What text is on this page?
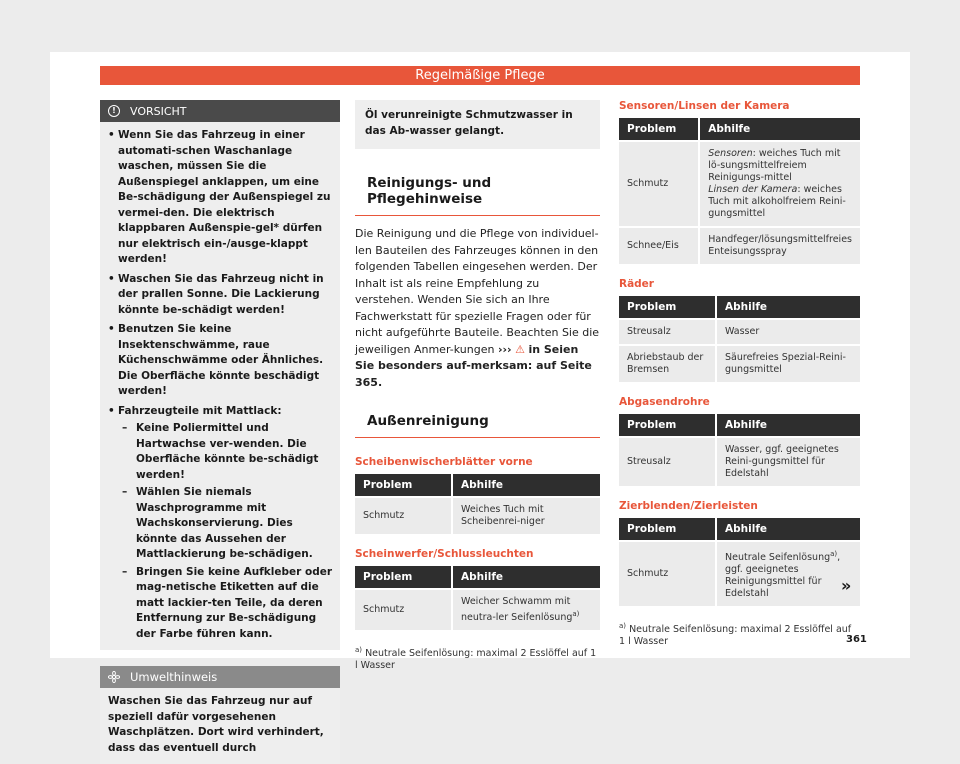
Regelmäßige Pflege
!	VORSICHT
• Wenn Sie das Fahrzeug in einer automati-schen Waschanlage waschen, müssen Sie die Außenspiegel anklappen, um eine Be-schädigung der Außenspiegel zu vermei-den. Die elektrisch klappbaren Außenspie-gel* dürfen nur elektrisch ein-/ausge-klappt werden!
• Waschen Sie das Fahrzeug nicht in der prallen Sonne. Die Lackierung könnte be-schädigt werden!
• Benutzen Sie keine Insektenschwämme, raue Küchenschwämme oder Ähnliches. Die Oberfläche könnte beschädigt werden!
• Fahrzeugteile mit Mattlack:
– Keine Poliermittel und Hartwachse ver-wenden. Die Oberfläche könnte be-schädigt werden!
– Wählen Sie niemals Waschprogramme mit Wachskonservierung. Dies könnte das Aussehen der Mattlackierung be-schädigen.
– Bringen Sie keine Aufkleber oder mag-netische Etiketten auf die matt lackier-ten Teile, da deren Entfernung zur Be-schädigung der Farbe führen kann.
Umwelthinweis
Waschen Sie das Fahrzeug nur auf speziell dafür vorgesehenen Waschplätzen. Dort wird verhindert, dass das eventuell durch
Öl verunreinigte Schmutzwasser in das Ab-wasser gelangt.
Reinigungs- und Pflegehinweise
Die Reinigung und die Pflege von individuel-len Bauteilen des Fahrzeuges können in den folgenden Tabellen eingesehen werden. Der Inhalt ist als reine Empfehlung zu verstehen. Wenden Sie sich an Ihre Fachwerkstatt für spezielle Fragen oder für nicht aufgeführte Bauteile. Beachten Sie die jeweiligen Anmer-kungen ››› ⚠ in Seien Sie besonders auf-merksam: auf Seite 365.
Außenreinigung
Scheibenwischerblätter vorne
Problem	Abhilfe
Schmutz	Weiches Tuch mit Scheibenrei-niger
Scheinwerfer/Schlussleuchten
Problem	Abhilfe
Schmutz	Weicher Schwamm mit neutra-ler Seifenlösung$^{a)}$
$^{a)}$ Neutrale Seifenlösung: maximal 2 Esslöffel auf 1 l Wasser
Sensoren/Linsen der Kamera
Problem	Abhilfe
Schmutz	Sensoren: weiches Tuch mit lö-sungsmittelfreiem Reinigungs-mittel
Linsen der Kamera: weiches Tuch mit alkoholfreiem Reini-gungsmittel
Schnee/Eis	Handfeger/lösungsmittelfreies Enteisungsspray
Räder
Problem	Abhilfe
Streusalz	Wasser
Abriebstaub der Bremsen	Säurefreies Spezial-Reini-gungsmittel
Abgasendrohre
Problem	Abhilfe
Streusalz	Wasser, ggf. geeignetes Reini-gungsmittel für Edelstahl
Zierblenden/Zierleisten
Problem	Abhilfe
Schmutz	Neutrale Seifenlösung$^{a)}$, ggf. geeignetes Reinigungsmittel für Edelstahl
$^{a)}$ Neutrale Seifenlösung: maximal 2 Esslöffel auf 1 l Wasser
»
361
